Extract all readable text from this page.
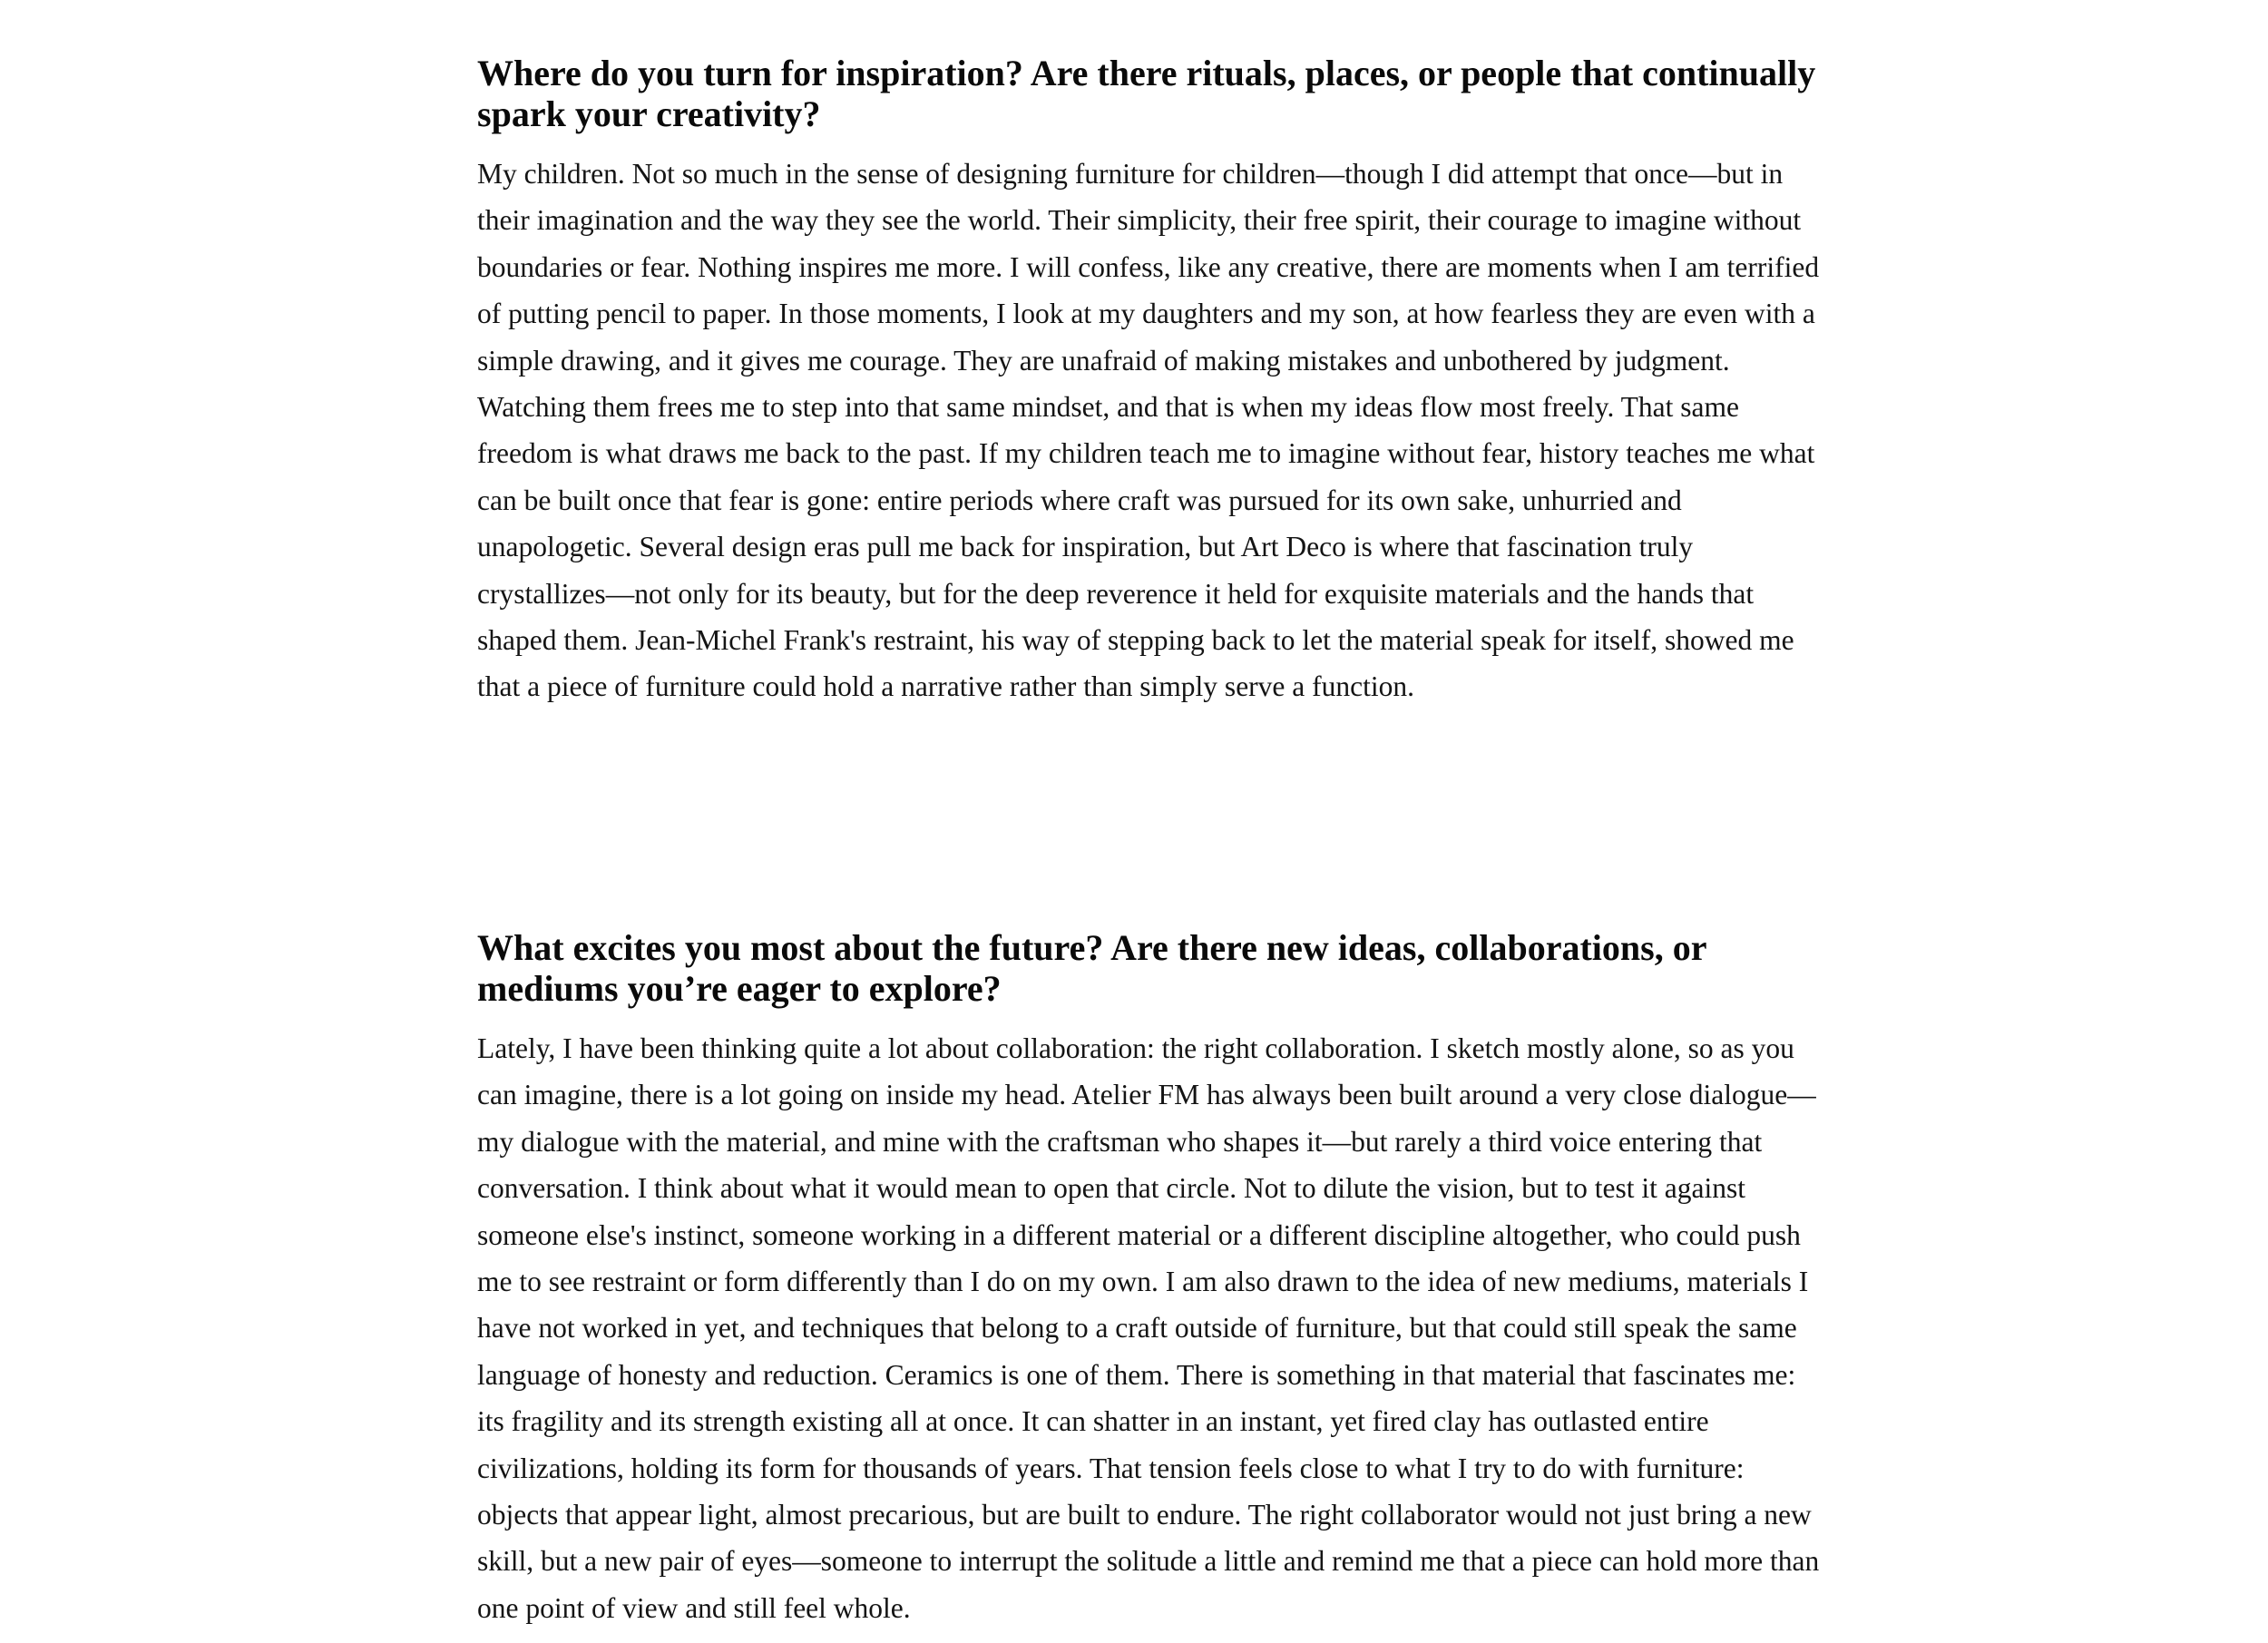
Where do you turn for inspiration? Are there rituals, places, or people that continually spark your creativity?

My children. Not so much in the sense of designing furniture for children—though I did attempt that once—but in their imagination and the way they see the world. Their simplicity, their free spirit, their courage to imagine without boundaries or fear. Nothing inspires me more. I will confess, like any creative, there are moments when I am terrified of putting pencil to paper. In those moments, I look at my daughters and my son, at how fearless they are even with a simple drawing, and it gives me courage. They are unafraid of making mistakes and unbothered by judgment. Watching them frees me to step into that same mindset, and that is when my ideas flow most freely. That same freedom is what draws me back to the past. If my children teach me to imagine without fear, history teaches me what can be built once that fear is gone: entire periods where craft was pursued for its own sake, unhurried and unapologetic. Several design eras pull me back for inspiration, but Art Deco is where that fascination truly crystallizes—not only for its beauty, but for the deep reverence it held for exquisite materials and the hands that shaped them. Jean-Michel Frank's restraint, his way of stepping back to let the material speak for itself, showed me that a piece of furniture could hold a narrative rather than simply serve a function.

What excites you most about the future? Are there new ideas, collaborations, or mediums you’re eager to explore?

Lately, I have been thinking quite a lot about collaboration: the right collaboration. I sketch mostly alone, so as you can imagine, there is a lot going on inside my head. Atelier FM has always been built around a very close dialogue—my dialogue with the material, and mine with the craftsman who shapes it—but rarely a third voice entering that conversation. I think about what it would mean to open that circle. Not to dilute the vision, but to test it against someone else's instinct, someone working in a different material or a different discipline altogether, who could push me to see restraint or form differently than I do on my own. I am also drawn to the idea of new mediums, materials I have not worked in yet, and techniques that belong to a craft outside of furniture, but that could still speak the same language of honesty and reduction. Ceramics is one of them. There is something in that material that fascinates me: its fragility and its strength existing all at once. It can shatter in an instant, yet fired clay has outlasted entire civilizations, holding its form for thousands of years. That tension feels close to what I try to do with furniture: objects that appear light, almost precarious, but are built to endure. The right collaborator would not just bring a new skill, but a new pair of eyes—someone to interrupt the solitude a little and remind me that a piece can hold more than one point of view and still feel whole.
